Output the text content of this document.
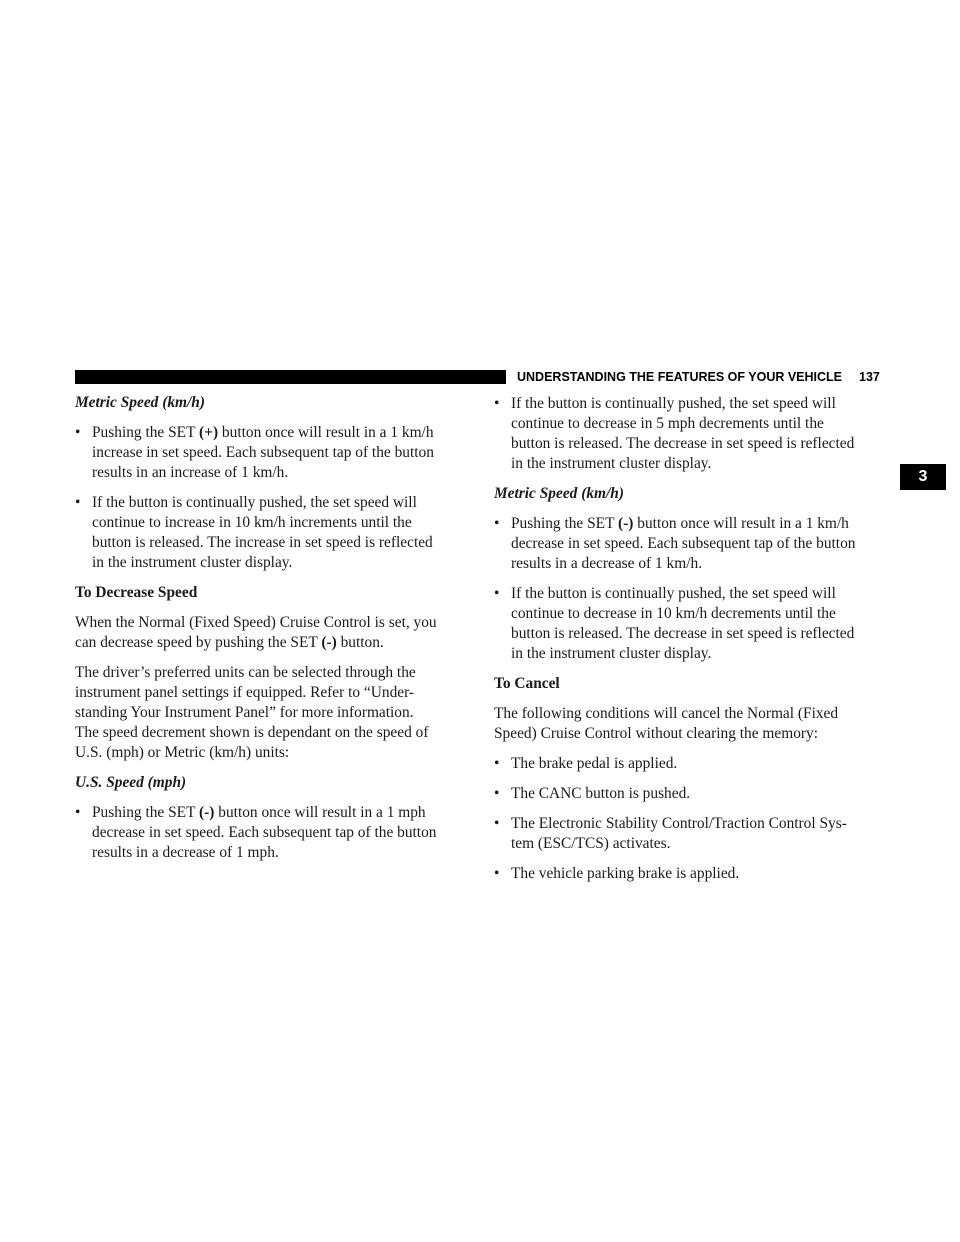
UNDERSTANDING THE FEATURES OF YOUR VEHICLE	137
3

Metric Speed (km/h)

• Pushing the SET (+) button once will result in a 1 km/h

increase in set speed. Each subsequent tap of the button

results in an increase of 1 km/h.

• If the button is continually pushed, the set speed will

continue to increase in 10 km/h increments until the

button is released. The increase in set speed is reflected

in the instrument cluster display.

To Decrease Speed

When the Normal (Fixed Speed) Cruise Control is set, you

can decrease speed by pushing the SET (-) button.

The driver’s preferred units can be selected through the

instrument panel settings if equipped. Refer to “Under-

standing Your Instrument Panel” for more information.

The speed decrement shown is dependant on the speed of

U.S. (mph) or Metric (km/h) units:

U.S. Speed (mph)

• Pushing the SET (-) button once will result in a 1 mph

decrease in set speed. Each subsequent tap of the button

results in a decrease of 1 mph.

• If the button is continually pushed, the set speed will

continue to decrease in 5 mph decrements until the

button is released. The decrease in set speed is reflected

in the instrument cluster display.

Metric Speed (km/h)

• Pushing the SET (-) button once will result in a 1 km/h

decrease in set speed. Each subsequent tap of the button

results in a decrease of 1 km/h.

• If the button is continually pushed, the set speed will

continue to decrease in 10 km/h decrements until the

button is released. The decrease in set speed is reflected

in the instrument cluster display.

To Cancel

The following conditions will cancel the Normal (Fixed

Speed) Cruise Control without clearing the memory:

• The brake pedal is applied.

• The CANC button is pushed.

• The Electronic Stability Control/Traction Control Sys-

tem (ESC/TCS) activates.

• The vehicle parking brake is applied.
